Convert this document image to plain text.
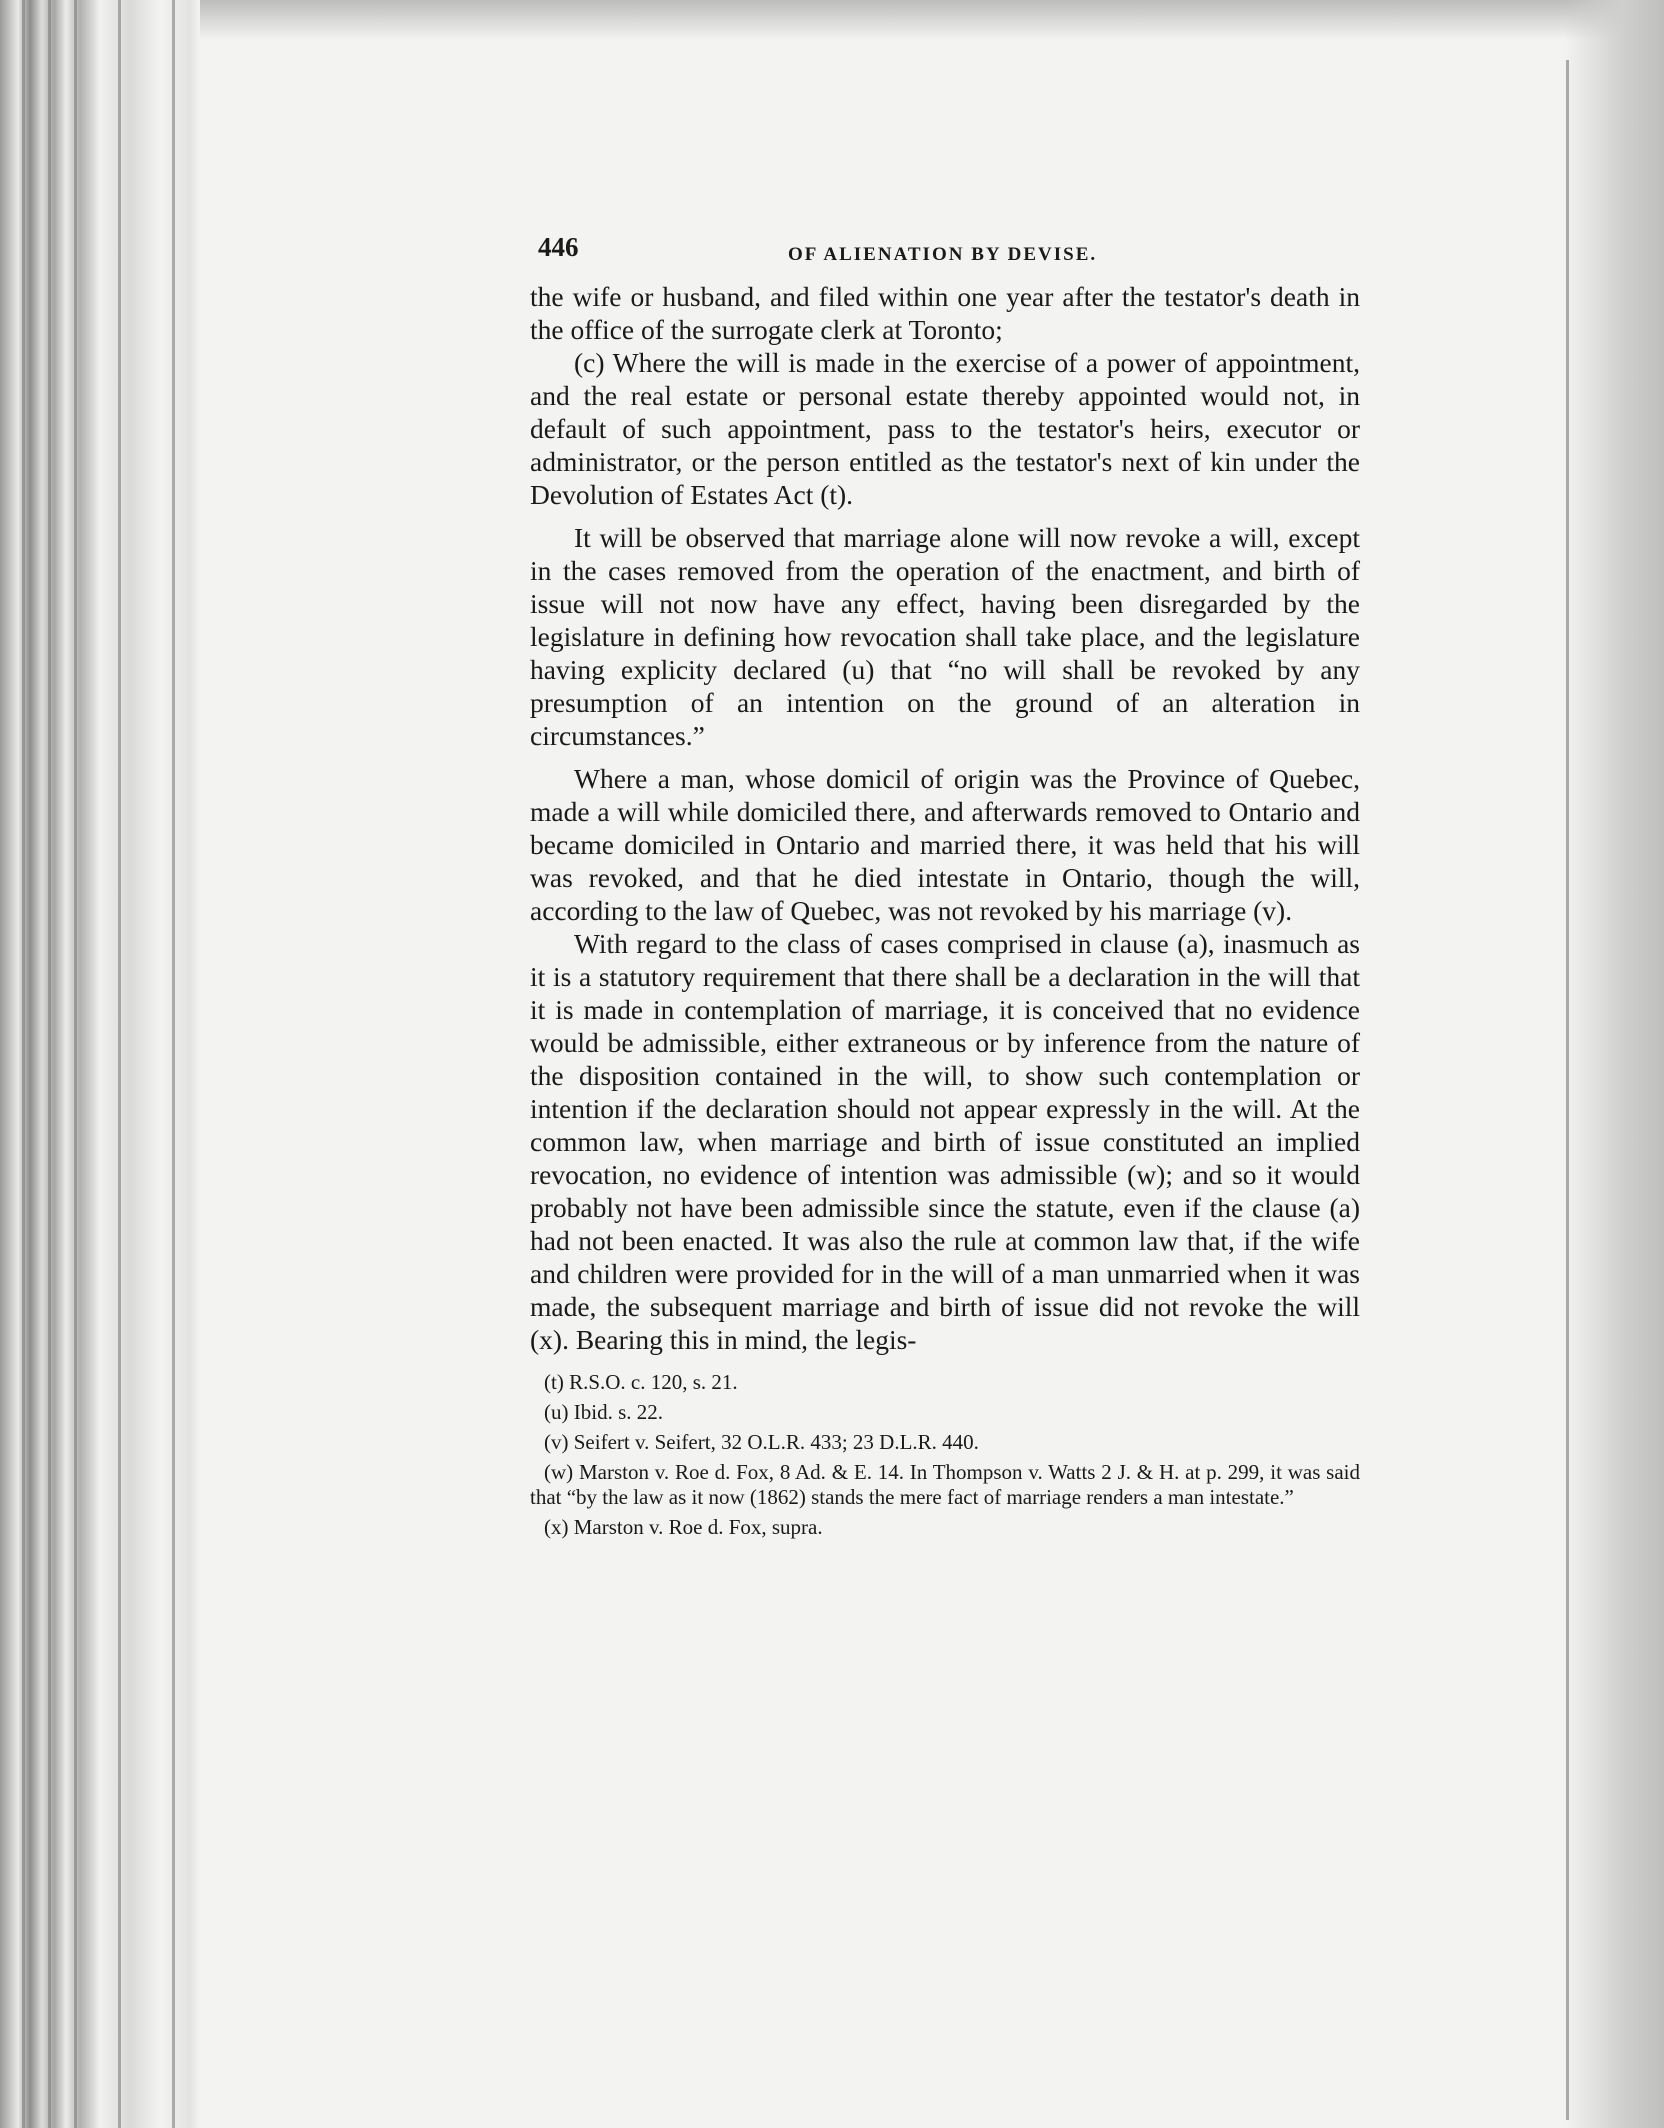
446	OF ALIENATION BY DEVISE.

the wife or husband, and filed within one year after the testator's death in the office of the surrogate clerk at Toronto;

(c) Where the will is made in the exercise of a power of appointment, and the real estate or personal estate thereby appointed would not, in default of such appointment, pass to the testator's heirs, executor or administrator, or the person entitled as the testator's next of kin under the Devolution of Estates Act (t).

It will be observed that marriage alone will now revoke a will, except in the cases removed from the operation of the enactment, and birth of issue will not now have any effect, having been disregarded by the legislature in defining how revocation shall take place, and the legislature having explicity declared (u) that “no will shall be revoked by any presumption of an intention on the ground of an alteration in circumstances.”

Where a man, whose domicil of origin was the Province of Quebec, made a will while domiciled there, and afterwards removed to Ontario and became domiciled in Ontario and married there, it was held that his will was revoked, and that he died intestate in Ontario, though the will, according to the law of Quebec, was not revoked by his marriage (v).

With regard to the class of cases comprised in clause (a), inasmuch as it is a statutory requirement that there shall be a declaration in the will that it is made in contemplation of marriage, it is conceived that no evidence would be admissible, either extraneous or by inference from the nature of the disposition contained in the will, to show such contemplation or intention if the declaration should not appear expressly in the will. At the common law, when marriage and birth of issue constituted an implied revocation, no evidence of intention was admissible (w); and so it would probably not have been admissible since the statute, even if the clause (a) had not been enacted. It was also the rule at common law that, if the wife and children were provided for in the will of a man unmarried when it was made, the subsequent marriage and birth of issue did not revoke the will (x). Bearing this in mind, the legis-

(t) R.S.O. c. 120, s. 21.

(u) Ibid. s. 22.

(v) Seifert v. Seifert, 32 O.L.R. 433; 23 D.L.R. 440.

(w) Marston v. Roe d. Fox, 8 Ad. & E. 14. In Thompson v. Watts 2 J. & H. at p. 299, it was said that “by the law as it now (1862) stands the mere fact of marriage renders a man intestate.”

(x) Marston v. Roe d. Fox, supra.
